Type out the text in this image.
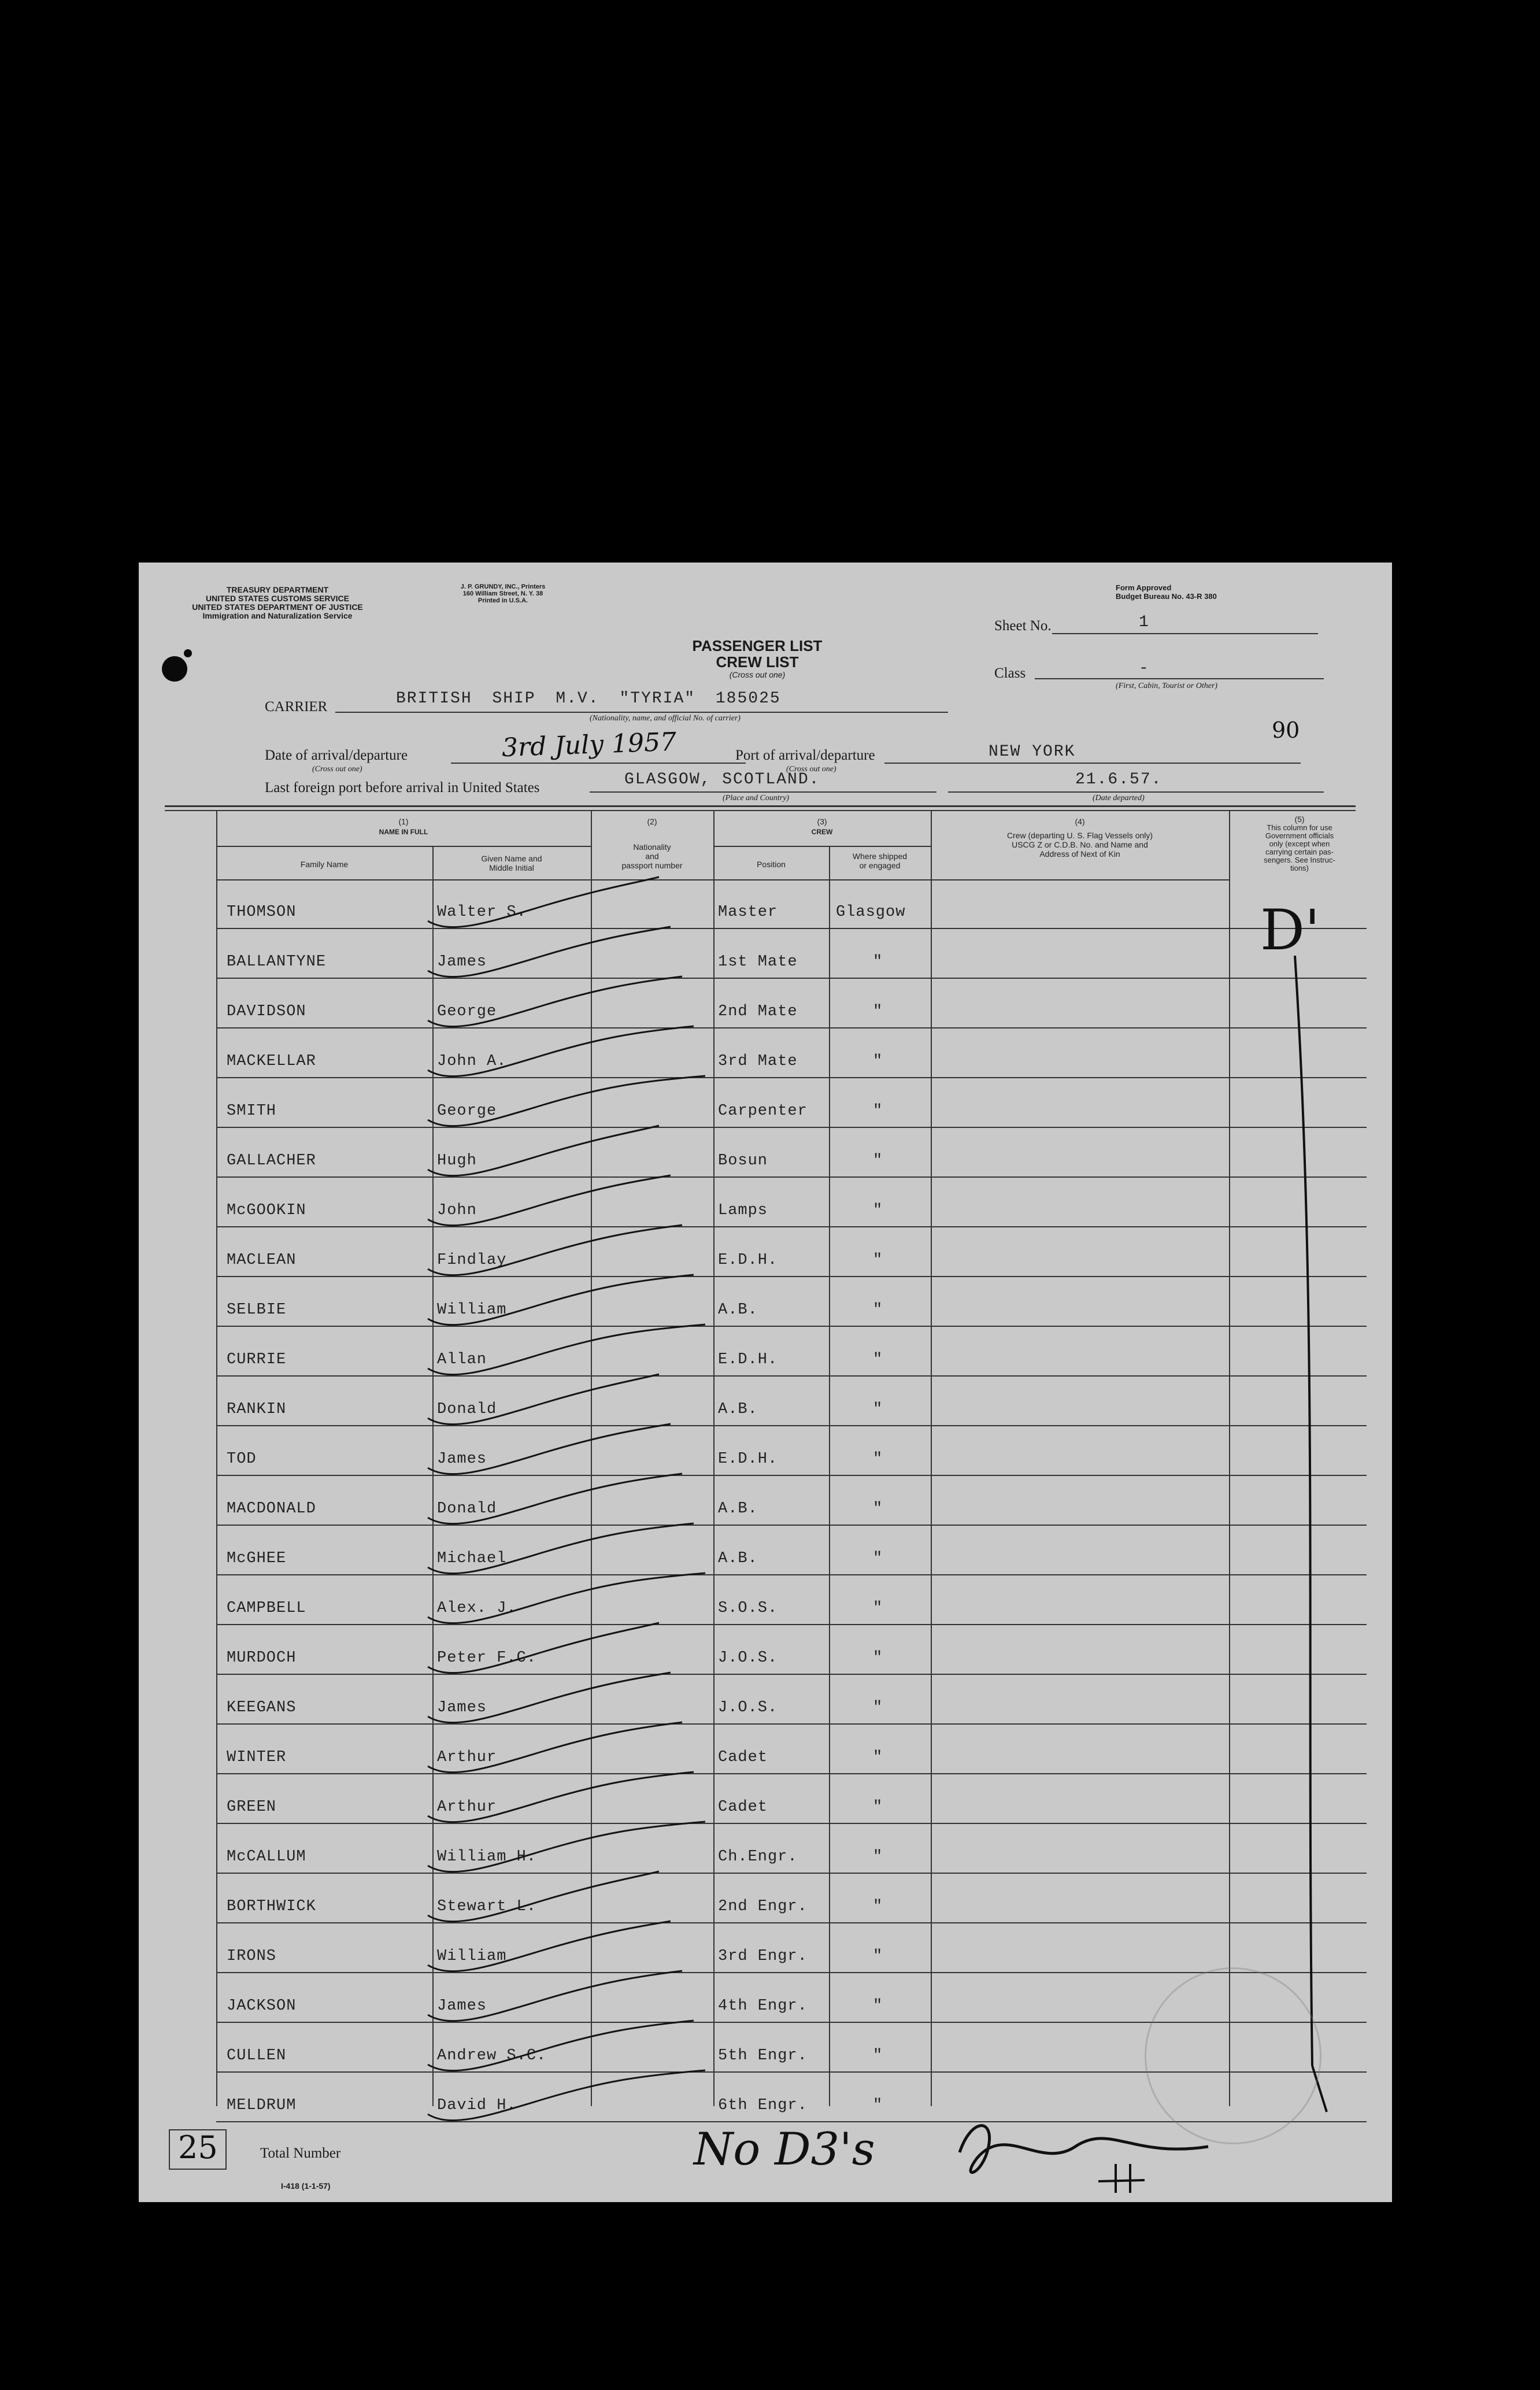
TREASURY DEPARTMENT
UNITED STATES CUSTOMS SERVICE
UNITED STATES DEPARTMENT OF JUSTICE
Immigration and Naturalization Service
J. P. GRUNDY, INC., Printers
160 William Street, N. Y. 38
Printed in U.S.A.
Form Approved
Budget Bureau No. 43-R 380
PASSENGER LIST
CREW LIST
(Cross out one)
Sheet No.	1
Class	-
(First, Cabin, Tourist or Other)
CARRIER	BRITISH SHIP M.V. "TYRIA" 185025
(Nationality, name, and official No. of carrier)	90
Date of arrival/departure
(Cross out one)
3rd July 1957	Port of arrival/departure
(Cross out one)
NEW YORK
Last foreign port before arrival in United States	GLASGOW, SCOTLAND.
(Place and Country)
21.6.57.
(Date departed)
(1)
NAME IN FULL
Family Name
Given Name and
Middle Initial
(2)
Nationality
and
passport number
(3)
CREW
Position
Where shipped
or engaged
(4)
Crew (departing U. S. Flag Vessels only)
USCG Z or C.D.B. No. and Name and
Address of Next of Kin
(5)
This column for use
Government officials
only (except when
carrying certain pas-
sengers. See Instruc-
tions)
THOMSON	Walter S.	Master	Glasgow
BALLANTYNE	James	1st Mate	"
DAVIDSON	George	2nd Mate	"
MACKELLAR	John A.	3rd Mate	"
SMITH	George	Carpenter	"
GALLACHER	Hugh	Bosun	"
McGOOKIN	John	Lamps	"
MACLEAN	Findlay	E.D.H.	"
SELBIE	William	A.B.	"
CURRIE	Allan	E.D.H.	"
RANKIN	Donald	A.B.	"
TOD	James	E.D.H.	"
MACDONALD	Donald	A.B.	"
McGHEE	Michael	A.B.	"
CAMPBELL	Alex. J.	S.O.S.	"
MURDOCH	Peter F.C.	J.O.S.	"
KEEGANS	James	J.O.S.	"
WINTER	Arthur	Cadet	"
GREEN	Arthur	Cadet	"
McCALLUM	William H.	Ch.Engr.	"
BORTHWICK	Stewart L.	2nd Engr.	"
IRONS	William	3rd Engr.	"
JACKSON	James	4th Engr.	"
CULLEN	Andrew S.C.	5th Engr.	"
MELDRUM	David H.	6th Engr.	"
D'
25	Total Number
I-418 (1-1-57)
No D3's
